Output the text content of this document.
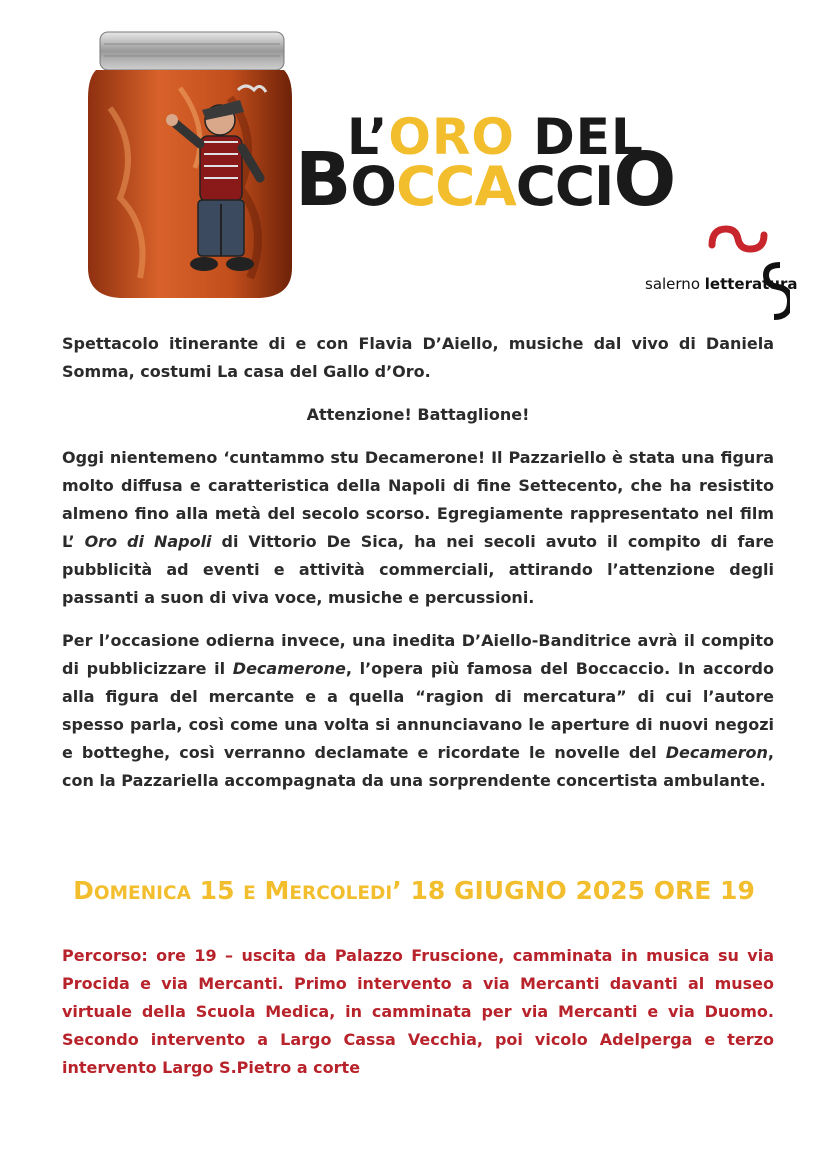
L’ORO DEL
BOCCACCIO
salerno letteratura

Spettacolo itinerante di e con Flavia D’Aiello, musiche dal vivo di Daniela Somma, costumi La casa del Gallo d’Oro.

Attenzione! Battaglione!

Oggi nientemeno ‘cuntammo stu Decamerone! Il Pazzariello è stata una figura molto diffusa e caratteristica della Napoli di fine Settecento, che ha resistito almeno fino alla metà del secolo scorso. Egregiamente rappresentato nel film L’ Oro di Napoli di Vittorio De Sica, ha nei secoli avuto il compito di fare pubblicità ad eventi e attività commerciali, attirando l’attenzione degli passanti a suon di viva voce, musiche e percussioni.

Per l’occasione odierna invece, una inedita D’Aiello-Banditrice avrà il compito di pubblicizzare il Decamerone, l’opera più famosa del Boccaccio. In accordo alla figura del mercante e a quella “ragion di mercatura” di cui l’autore spesso parla, così come una volta si annunciavano le aperture di nuovi negozi e botteghe, così verranno declamate e ricordate le novelle del Decameron, con la Pazzariella accompagnata da una sorprendente concertista ambulante.

DOMENICA 15 E MERCOLEDI’ 18 GIUGNO 2025 ORE 19

Percorso: ore 19 – uscita da Palazzo Fruscione, camminata in musica su via Procida e via Mercanti. Primo intervento a via Mercanti davanti al museo virtuale della Scuola Medica, in camminata per via Mercanti e via Duomo. Secondo intervento a Largo Cassa Vecchia, poi vicolo Adelperga e terzo intervento Largo S.Pietro a corte
